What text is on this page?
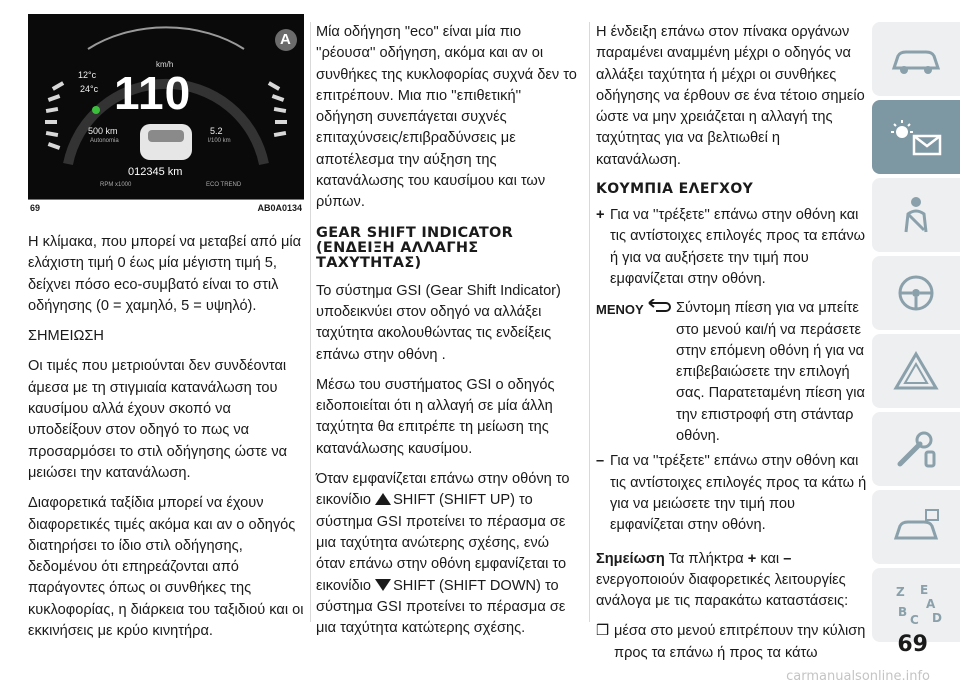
A
km/h
110
12°c
24°c
500 km
Autonomia
5.2
l/100 km
012345 km
RPM x1000	ECO TREND
69	AB0A0134

Η κλίμακα, που μπορεί να μεταβεί από μία ελάχιστη τιμή 0 έως μία μέγιστη τιμή 5, δείχνει πόσο eco-συμβατό είναι το στιλ οδήγησης (0 = χαμηλό, 5 = υψηλό).

ΣΗΜΕΙΩΣΗ

Οι τιμές που μετριούνται δεν συνδέονται άμεσα με τη στιγμιαία κατανάλωση του καυσίμου αλλά έχουν σκοπό να υποδείξουν στον οδηγό το πως να προσαρμόσει το στιλ οδήγησης ώστε να μειώσει την κατανάλωση.

Διαφορετικά ταξίδια μπορεί να έχουν διαφορετικές τιμές ακόμα και αν ο οδηγός διατηρήσει το ίδιο στιλ οδήγησης, δεδομένου ότι επηρεάζονται από παράγοντες όπως οι συνθήκες της κυκλοφορίας, η διάρκεια του ταξιδιού και οι εκκινήσεις με κρύο κινητήρα.

Μία οδήγηση "eco" είναι μία πιο ''ρέουσα'' οδήγηση, ακόμα και αν οι συνθήκες της κυκλοφορίας συχνά δεν το επιτρέπουν. Μια πιο ''επιθετική'' οδήγηση συνεπάγεται συχνές επιταχύνσεις/επιβραδύνσεις με αποτέλεσμα την αύξηση της κατανάλωσης του καυσίμου και των ρύπων.

GEAR SHIFT INDICATOR (ΕΝΔΕΙΞΗ ΑΛΛΑΓΗΣ ΤΑΧΥΤΗΤΑΣ)

Το σύστημα GSI (Gear Shift Indicator) υποδεικνύει στον οδηγό να αλλάξει ταχύτητα ακολουθώντας τις ενδείξεις επάνω στην οθόνη .

Μέσω του συστήματος GSI ο οδηγός ειδοποιείται ότι η αλλαγή σε μία άλλη ταχύτητα θα επιτρέπε τη μείωση της κατανάλωσης καυσίμου.

Όταν εμφανίζεται επάνω στην οθόνη το εικονίδιο SHIFT (SHIFT UP) το σύστημα GSI προτείνει το πέρασμα σε μια ταχύτητα ανώτερης σχέσης, ενώ όταν επάνω στην οθόνη εμφανίζεται το εικονίδιο SHIFT (SHIFT DOWN) το σύστημα GSI προτείνει το πέρασμα σε μια ταχύτητα κατώτερης σχέσης.

Η ένδειξη επάνω στον πίνακα οργάνων παραμένει αναμμένη μέχρι ο οδηγός να αλλάξει ταχύτητα ή μέχρι οι συνθήκες οδήγησης να έρθουν σε ένα τέτοιο σημείο ώστε να μην χρειάζεται η αλλαγή της ταχύτητας για να βελτιωθεί η κατανάλωση.

ΚΟΥΜΠΙΑ ΕΛΕΓΧΟΥ
+ Για να ''τρέξετε'' επάνω στην οθόνη και τις αντίστοιχες επιλογές προς τα επάνω ή για να αυξήσετε την τιμή που εμφανίζεται στην οθόνη.
MENOY Σύντομη πίεση για να μπείτε στο μενού και/ή να περάσετε στην επόμενη οθόνη ή για να επιβεβαιώσετε την επιλογή σας. Παρατεταμένη πίεση για την επιστροφή στη στάνταρ οθόνη.
– Για να ''τρέξετε'' επάνω στην οθόνη και τις αντίστοιχες επιλογές προς τα κάτω ή για να μειώσετε την τιμή που εμφανίζεται στην οθόνη.

Σημείωση Τα πλήκτρα + και – ενεργοποιούν διαφορετικές λειτουργίες ανάλογα με τις παρακάτω καταστάσεις:

❒ μέσα στο μενού επιτρέπουν την κύλιση προς τα επάνω ή προς τα κάτω
Z E
A
B
C D
69
carmanualsonline.info
